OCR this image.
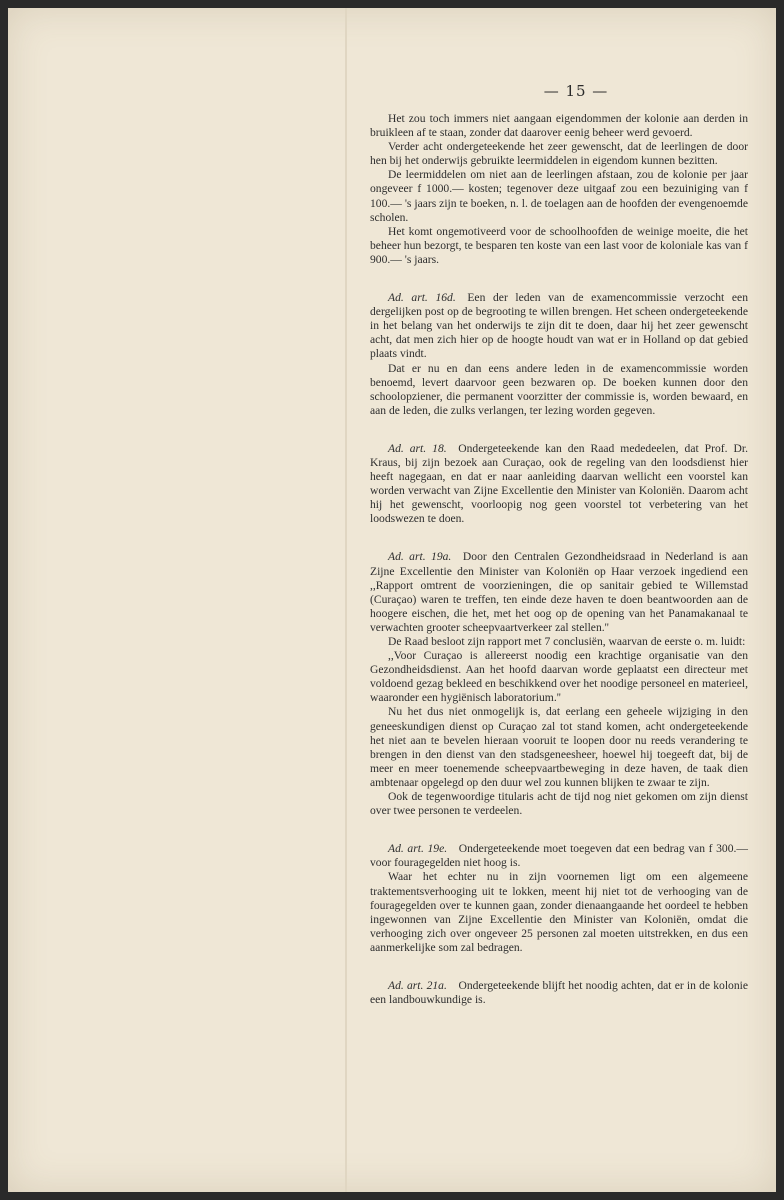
— 15 —

Het zou toch immers niet aangaan eigendommen der kolonie aan derden in bruikleen af te staan, zonder dat daarover eenig beheer werd gevoerd.

Verder acht ondergeteekende het zeer gewenscht, dat de leerlingen de door hen bij het onderwijs gebruikte leermiddelen in eigendom kunnen bezitten.

De leermiddelen om niet aan de leerlingen afstaan, zou de kolonie per jaar ongeveer f 1000.— kosten; tegenover deze uitgaaf zou een bezuiniging van f 100.— 's jaars zijn te boeken, n. l. de toelagen aan de hoofden der evengenoemde scholen.

Het komt ongemotiveerd voor de schoolhoofden de weinige moeite, die het beheer hun bezorgt, te besparen ten koste van een last voor de koloniale kas van f 900.— 's jaars.

Ad. art. 16d.  Een der leden van de examencommissie verzocht een dergelijken post op de begrooting te willen brengen. Het scheen ondergeteekende in het belang van het onderwijs te zijn dit te doen, daar hij het zeer gewenscht acht, dat men zich hier op de hoogte houdt van wat er in Holland op dat gebied plaats vindt.

Dat er nu en dan eens andere leden in de examencommissie worden benoemd, levert daarvoor geen bezwaren op. De boeken kunnen door den schoolopziener, die permanent voorzitter der commissie is, worden bewaard, en aan de leden, die zulks verlangen, ter lezing worden gegeven.

Ad. art. 18.  Ondergeteekende kan den Raad mededeelen, dat Prof. Dr. Kraus, bij zijn bezoek aan Curaçao, ook de regeling van den loodsdienst hier heeft nagegaan, en dat er naar aanleiding daarvan wellicht een voorstel kan worden verwacht van Zijne Excellentie den Minister van Koloniën. Daarom acht hij het gewenscht, voorloopig nog geen voorstel tot verbetering van het loodswezen te doen.

Ad. art. 19a.  Door den Centralen Gezondheidsraad in Nederland is aan Zijne Excellentie den Minister van Koloniën op Haar verzoek ingediend een ,,Rapport omtrent de voorzieningen, die op sanitair gebied te Willemstad (Curaçao) waren te treffen, ten einde deze haven te doen beantwoorden aan de hoogere eischen, die het, met het oog op de opening van het Panamakanaal te verwachten grooter scheepvaartverkeer zal stellen.''

De Raad besloot zijn rapport met 7 conclusiën, waarvan de eerste o. m. luidt:

,,Voor Curaçao is allereerst noodig een krachtige organisatie van den Gezondheidsdienst. Aan het hoofd daarvan worde geplaatst een directeur met voldoend gezag bekleed en beschikkend over het noodige personeel en materieel, waaronder een hygiënisch laboratorium.''

Nu het dus niet onmogelijk is, dat eerlang een geheele wijziging in den geneeskundigen dienst op Curaçao zal tot stand komen, acht ondergeteekende het niet aan te bevelen hieraan vooruit te loopen door nu reeds verandering te brengen in den dienst van den stadsgeneesheer, hoewel hij toegeeft dat, bij de meer en meer toenemende scheepvaartbeweging in deze haven, de taak dien ambtenaar opgelegd op den duur wel zou kunnen blijken te zwaar te zijn.

Ook de tegenwoordige titularis acht de tijd nog niet gekomen om zijn dienst over twee personen te verdeelen.

Ad. art. 19e.  Ondergeteekende moet toegeven dat een bedrag van f 300.— voor fouragegelden niet hoog is.

Waar het echter nu in zijn voornemen ligt om een algemeene traktementsverhooging uit te lokken, meent hij niet tot de verhooging van de fouragegelden over te kunnen gaan, zonder dienaangaande het oordeel te hebben ingewonnen van Zijne Excellentie den Minister van Koloniën, omdat die verhooging zich over ongeveer 25 personen zal moeten uitstrekken, en dus een aanmerkelijke som zal bedragen.

Ad. art. 21a.  Ondergeteekende blijft het noodig achten, dat er in de kolonie een landbouwkundige is.
